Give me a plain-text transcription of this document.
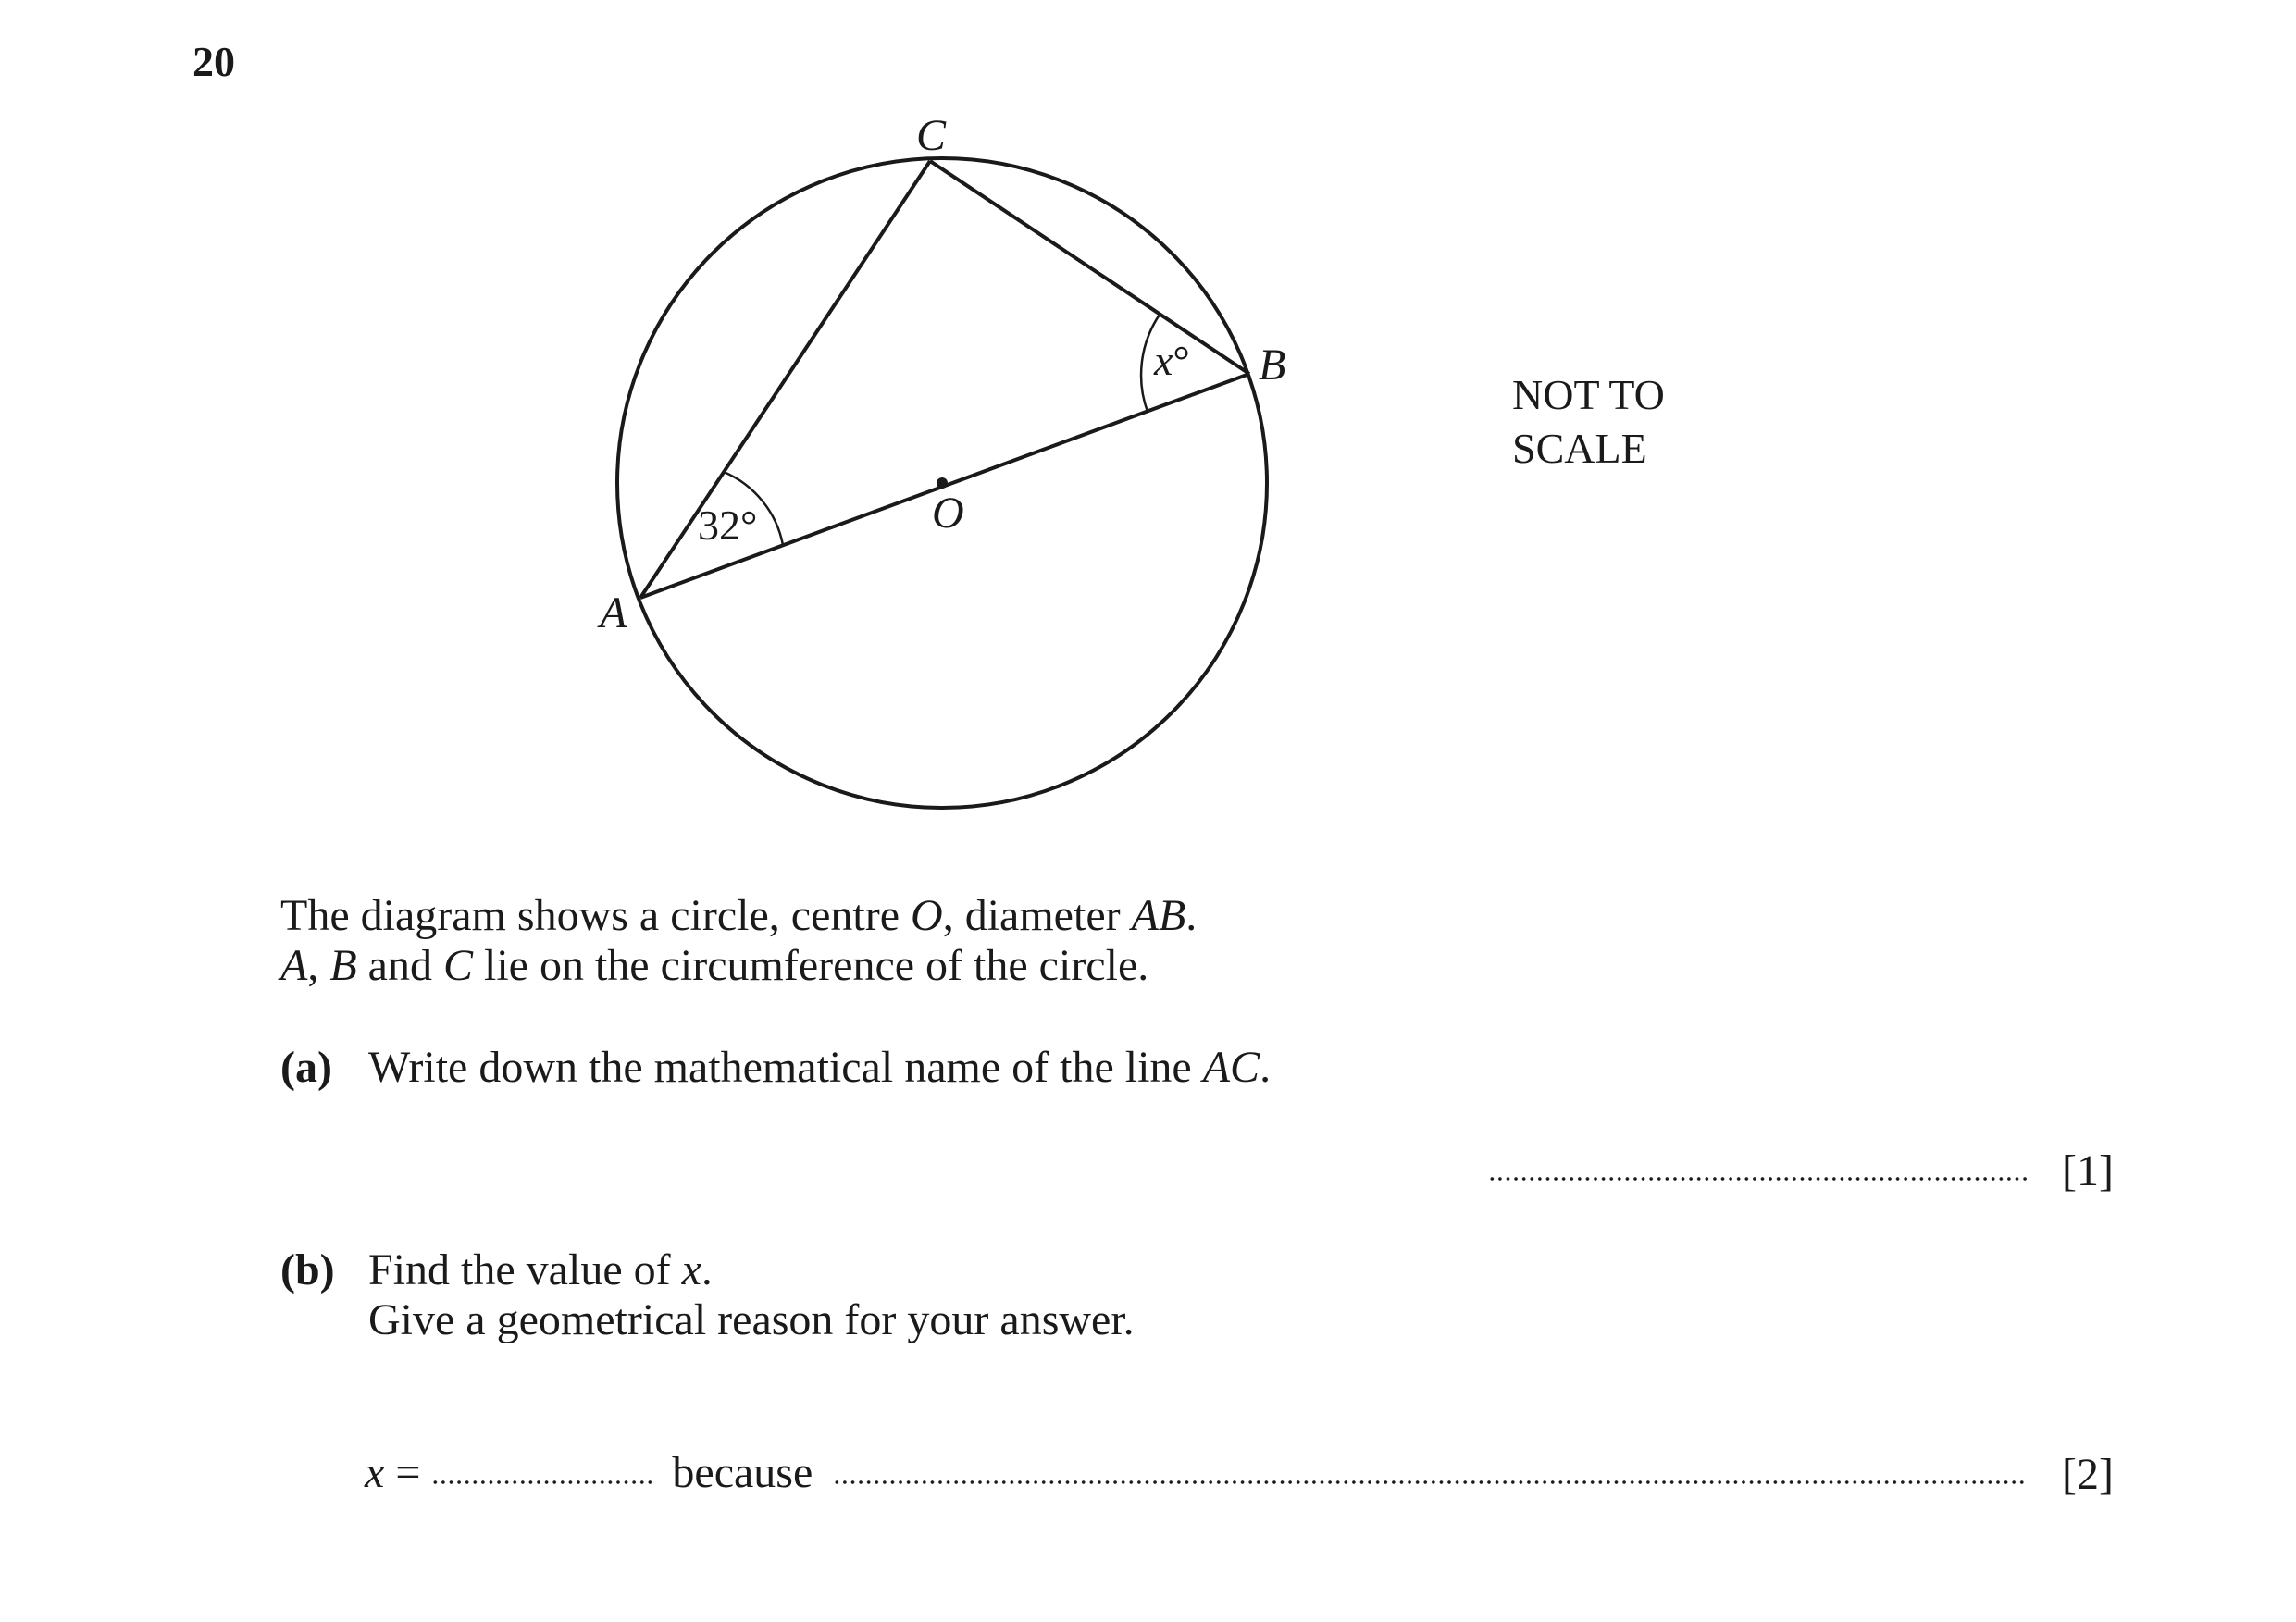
20
C
B
A
O
32°
x°
NOT TO
SCALE
The diagram shows a circle, centre O, diameter AB.
A, B and C lie on the circumference of the circle.
(a) Write down the mathematical name of the line AC.
[1]
(b) Find the value of x.
Give a geometrical reason for your answer.
x =	because	[2]
